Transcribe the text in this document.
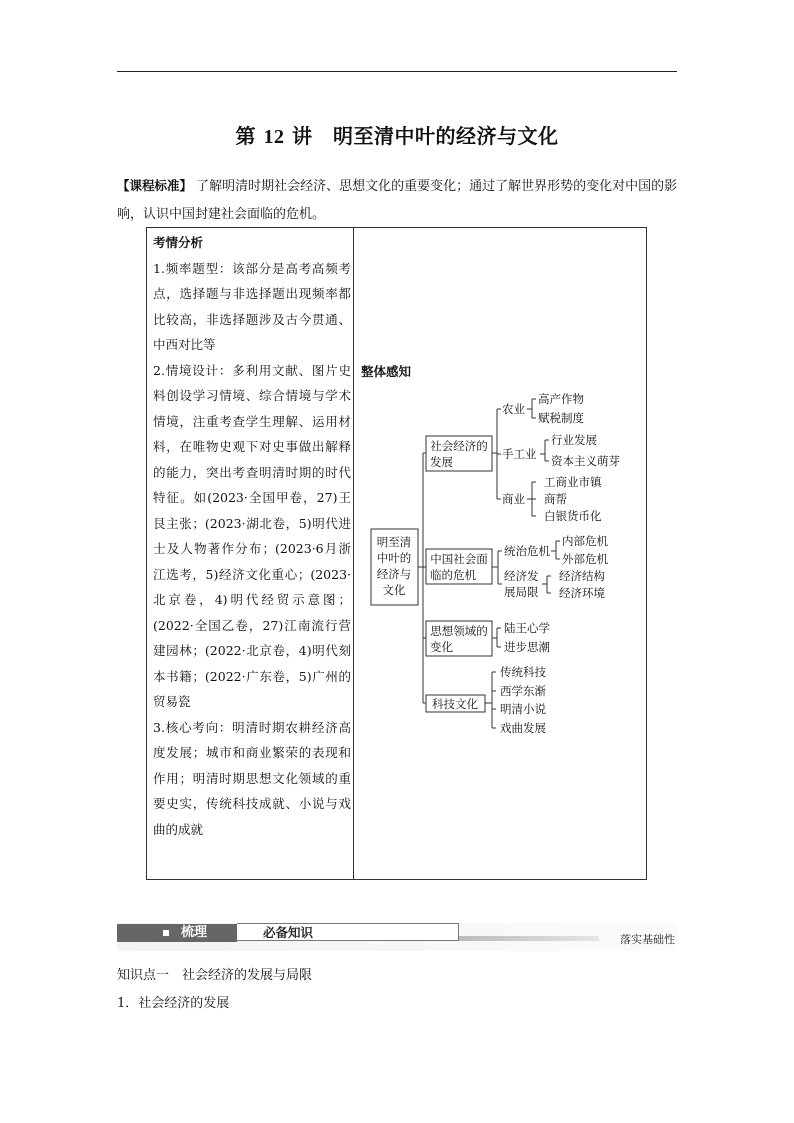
第 12 讲　明至清中叶的经济与文化
【课程标准】 了解明清时期社会经济、思想文化的重要变化；通过了解世界形势的变化对中国的影响，认识中国封建社会面临的危机。
考情分析

1.频率题型：该部分是高考高频考点，选择题与非选择题出现频率都比较高，非选择题涉及古今贯通、中西对比等

2.情境设计：多利用文献、图片史料创设学习情境、综合情境与学术情境，注重考查学生理解、运用材料，在唯物史观下对史事做出解释的能力，突出考查明清时期的时代特征。如(2023·全国甲卷，27)王艮主张；(2023·湖北卷，5)明代进士及人物著作分布；(2023·6月浙江选考，5)经济文化重心；(2023·北京卷，4)明代经贸示意图；(2022·全国乙卷，27)江南流行营建园林；(2022·北京卷，4)明代刻本书籍；(2022·广东卷，5)广州的贸易瓷

3.核心考向：明清时期农耕经济高度发展；城市和商业繁荣的表现和作用；明清时期思想文化领域的重要史实，传统科技成就、小说与戏曲的成就

整体感知
明至清
中叶的
经济与
文化
社会经济的
发展
农业
高产作物
赋税制度
手工业
行业发展
资本主义萌芽
商业
工商业市镇
商帮
白银货币化
中国社会面
临的危机
统治危机
内部危机
外部危机
经济发
展局限
经济结构
经济环境
思想领域的
变化
陆王心学
进步思潮
科技文化
传统科技
西学东渐
明清小说
戏曲发展
梳理	必备知识	落实基础性
知识点一　社会经济的发展与局限
1．社会经济的发展
